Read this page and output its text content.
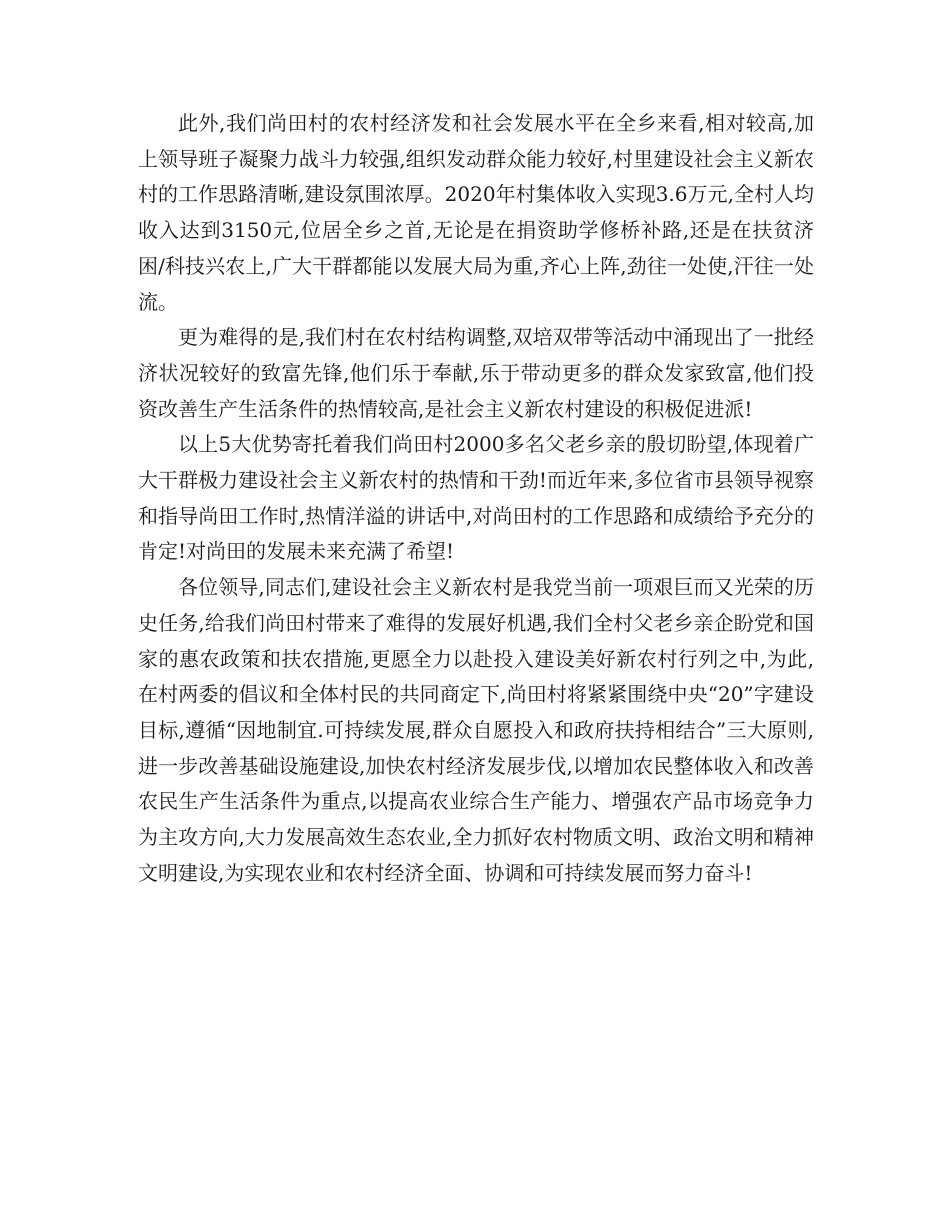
此外,我们尚田村的农村经济发和社会发展水平在全乡来看,相对较高,加上领导班子凝聚力战斗力较强,组织发动群众能力较好,村里建设社会主义新农村的工作思路清晰,建设氛围浓厚。2020年村集体收入实现3.6万元,全村人均收入达到3150元,位居全乡之首,无论是在捐资助学修桥补路,还是在扶贫济困/科技兴农上,广大干群都能以发展大局为重,齐心上阵,劲往一处使,汗往一处流。

更为难得的是,我们村在农村结构调整,双培双带等活动中涌现出了一批经济状况较好的致富先锋,他们乐于奉献,乐于带动更多的群众发家致富,他们投资改善生产生活条件的热情较高,是社会主义新农村建设的积极促进派!

以上5大优势寄托着我们尚田村2000多名父老乡亲的殷切盼望,体现着广大干群极力建设社会主义新农村的热情和干劲!而近年来,多位省市县领导视察和指导尚田工作时,热情洋溢的讲话中,对尚田村的工作思路和成绩给予充分的肯定!对尚田的发展未来充满了希望!

各位领导,同志们,建设社会主义新农村是我党当前一项艰巨而又光荣的历史任务,给我们尚田村带来了难得的发展好机遇,我们全村父老乡亲企盼党和国家的惠农政策和扶农措施,更愿全力以赴投入建设美好新农村行列之中,为此,在村两委的倡议和全体村民的共同商定下,尚田村将紧紧围绕中央“20”字建设目标,遵循“因地制宜.可持续发展,群众自愿投入和政府扶持相结合”三大原则,进一步改善基础设施建设,加快农村经济发展步伐,以增加农民整体收入和改善农民生产生活条件为重点,以提高农业综合生产能力、增强农产品市场竞争力为主攻方向,大力发展高效生态农业,全力抓好农村物质文明、政治文明和精神文明建设,为实现农业和农村经济全面、协调和可持续发展而努力奋斗!
